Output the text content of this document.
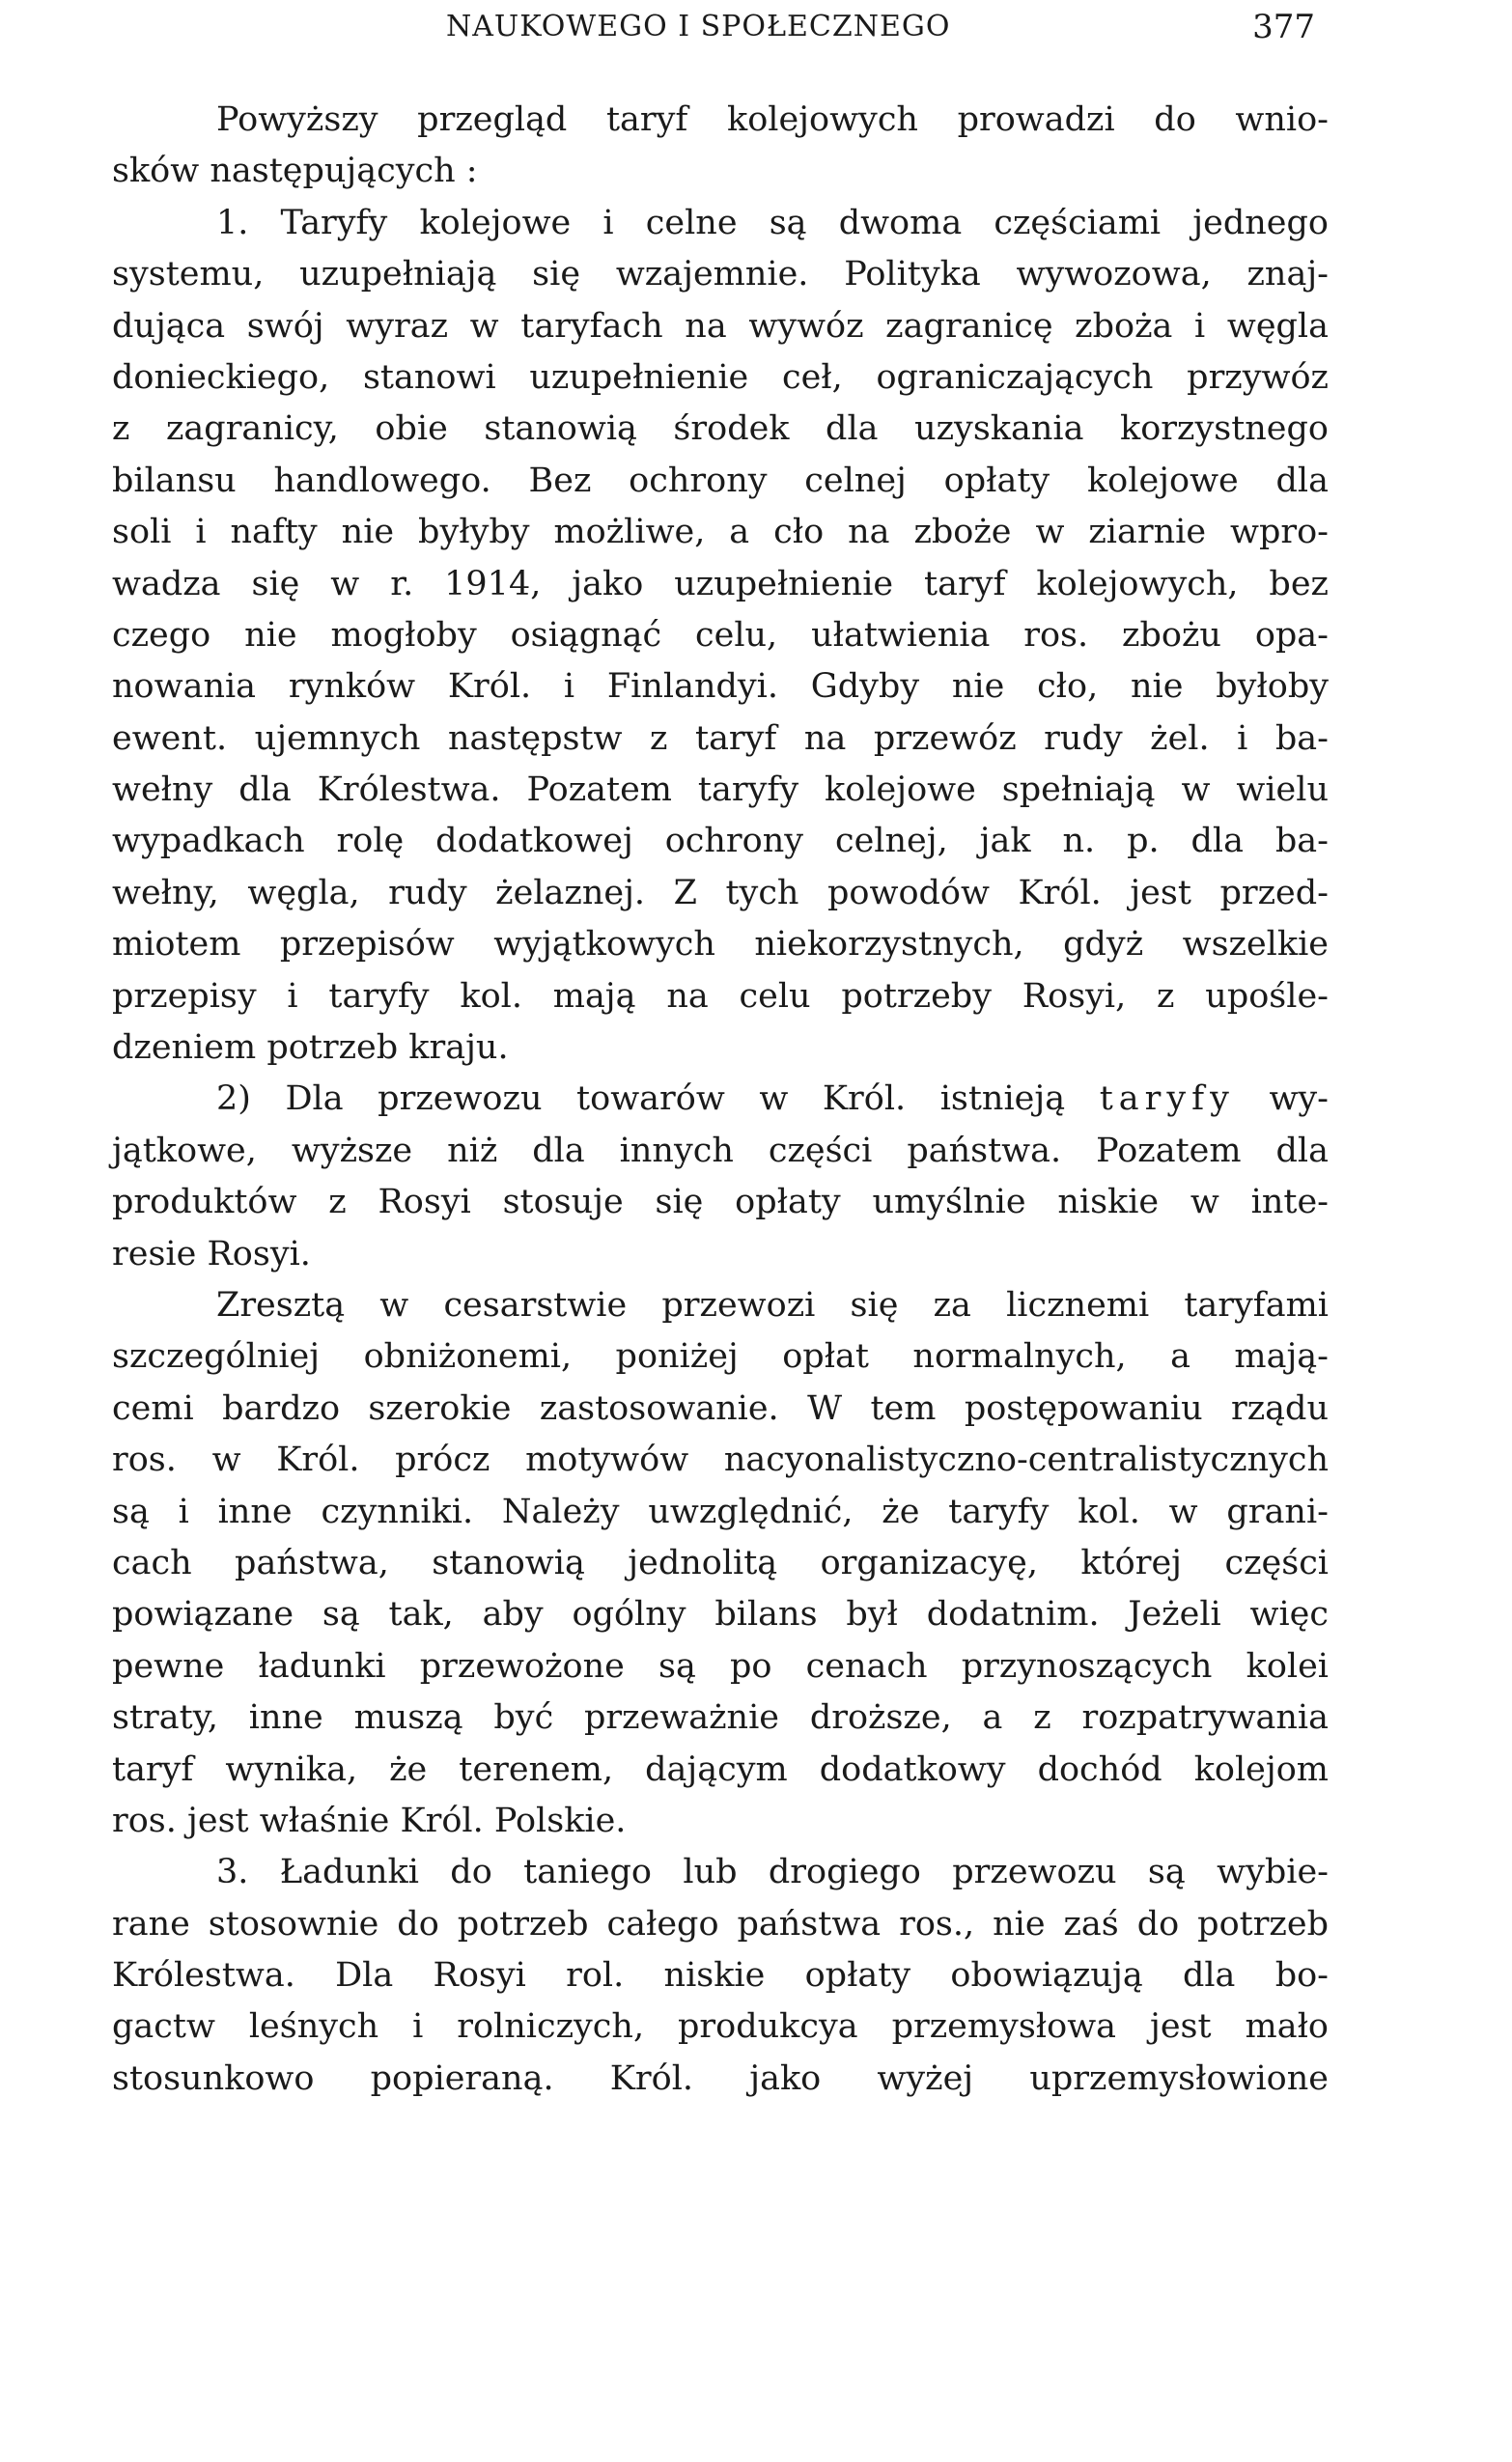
NAUKOWEGO I SPOŁECZNEGO	377
Powyższy przegląd taryf kolejowych prowadzi do wnio-
sków następujących :
1. Taryfy kolejowe i celne są dwoma częściami jednego
systemu, uzupełniają się wzajemnie. Polityka wywozowa, znaj-
dująca swój wyraz w taryfach na wywóz zagranicę zboża i węgla
donieckiego, stanowi uzupełnienie ceł, ograniczających przywóz
z zagranicy, obie stanowią środek dla uzyskania korzystnego
bilansu handlowego. Bez ochrony celnej opłaty kolejowe dla
soli i nafty nie byłyby możliwe, a cło na zboże w ziarnie wpro-
wadza się w r. 1914, jako uzupełnienie taryf kolejowych, bez
czego nie mogłoby osiągnąć celu, ułatwienia ros. zbożu opa-
nowania rynków Król. i Finlandyi. Gdyby nie cło, nie byłoby
ewent. ujemnych następstw z taryf na przewóz rudy żel. i ba-
wełny dla Królestwa. Pozatem taryfy kolejowe spełniają w wielu
wypadkach rolę dodatkowej ochrony celnej, jak n. p. dla ba-
wełny, węgla, rudy żelaznej. Z tych powodów Król. jest przed-
miotem przepisów wyjątkowych niekorzystnych, gdyż wszelkie
przepisy i taryfy kol. mają na celu potrzeby Rosyi, z upośle-
dzeniem potrzeb kraju.
2) Dla przewozu towarów w Król. istnieją taryfy wy-
jątkowe, wyższe niż dla innych części państwa. Pozatem dla
produktów z Rosyi stosuje się opłaty umyślnie niskie w inte-
resie Rosyi.
Zresztą w cesarstwie przewozi się za licznemi taryfami
szczególniej obniżonemi, poniżej opłat normalnych, a mają-
cemi bardzo szerokie zastosowanie. W tem postępowaniu rządu
ros. w Król. prócz motywów nacyonalistyczno-centralistycznych
są i inne czynniki. Należy uwzględnić, że taryfy kol. w grani-
cach państwa, stanowią jednolitą organizacyę, której części
powiązane są tak, aby ogólny bilans był dodatnim. Jeżeli więc
pewne ładunki przewożone są po cenach przynoszących kolei
straty, inne muszą być przeważnie droższe, a z rozpatrywania
taryf wynika, że terenem, dającym dodatkowy dochód kolejom
ros. jest właśnie Król. Polskie.
3. Ładunki do taniego lub drogiego przewozu są wybie-
rane stosownie do potrzeb całego państwa ros., nie zaś do potrzeb
Królestwa. Dla Rosyi rol. niskie opłaty obowiązują dla bo-
gactw leśnych i rolniczych, produkcya przemysłowa jest mało
stosunkowo popieraną. Król. jako wyżej uprzemysłowione
